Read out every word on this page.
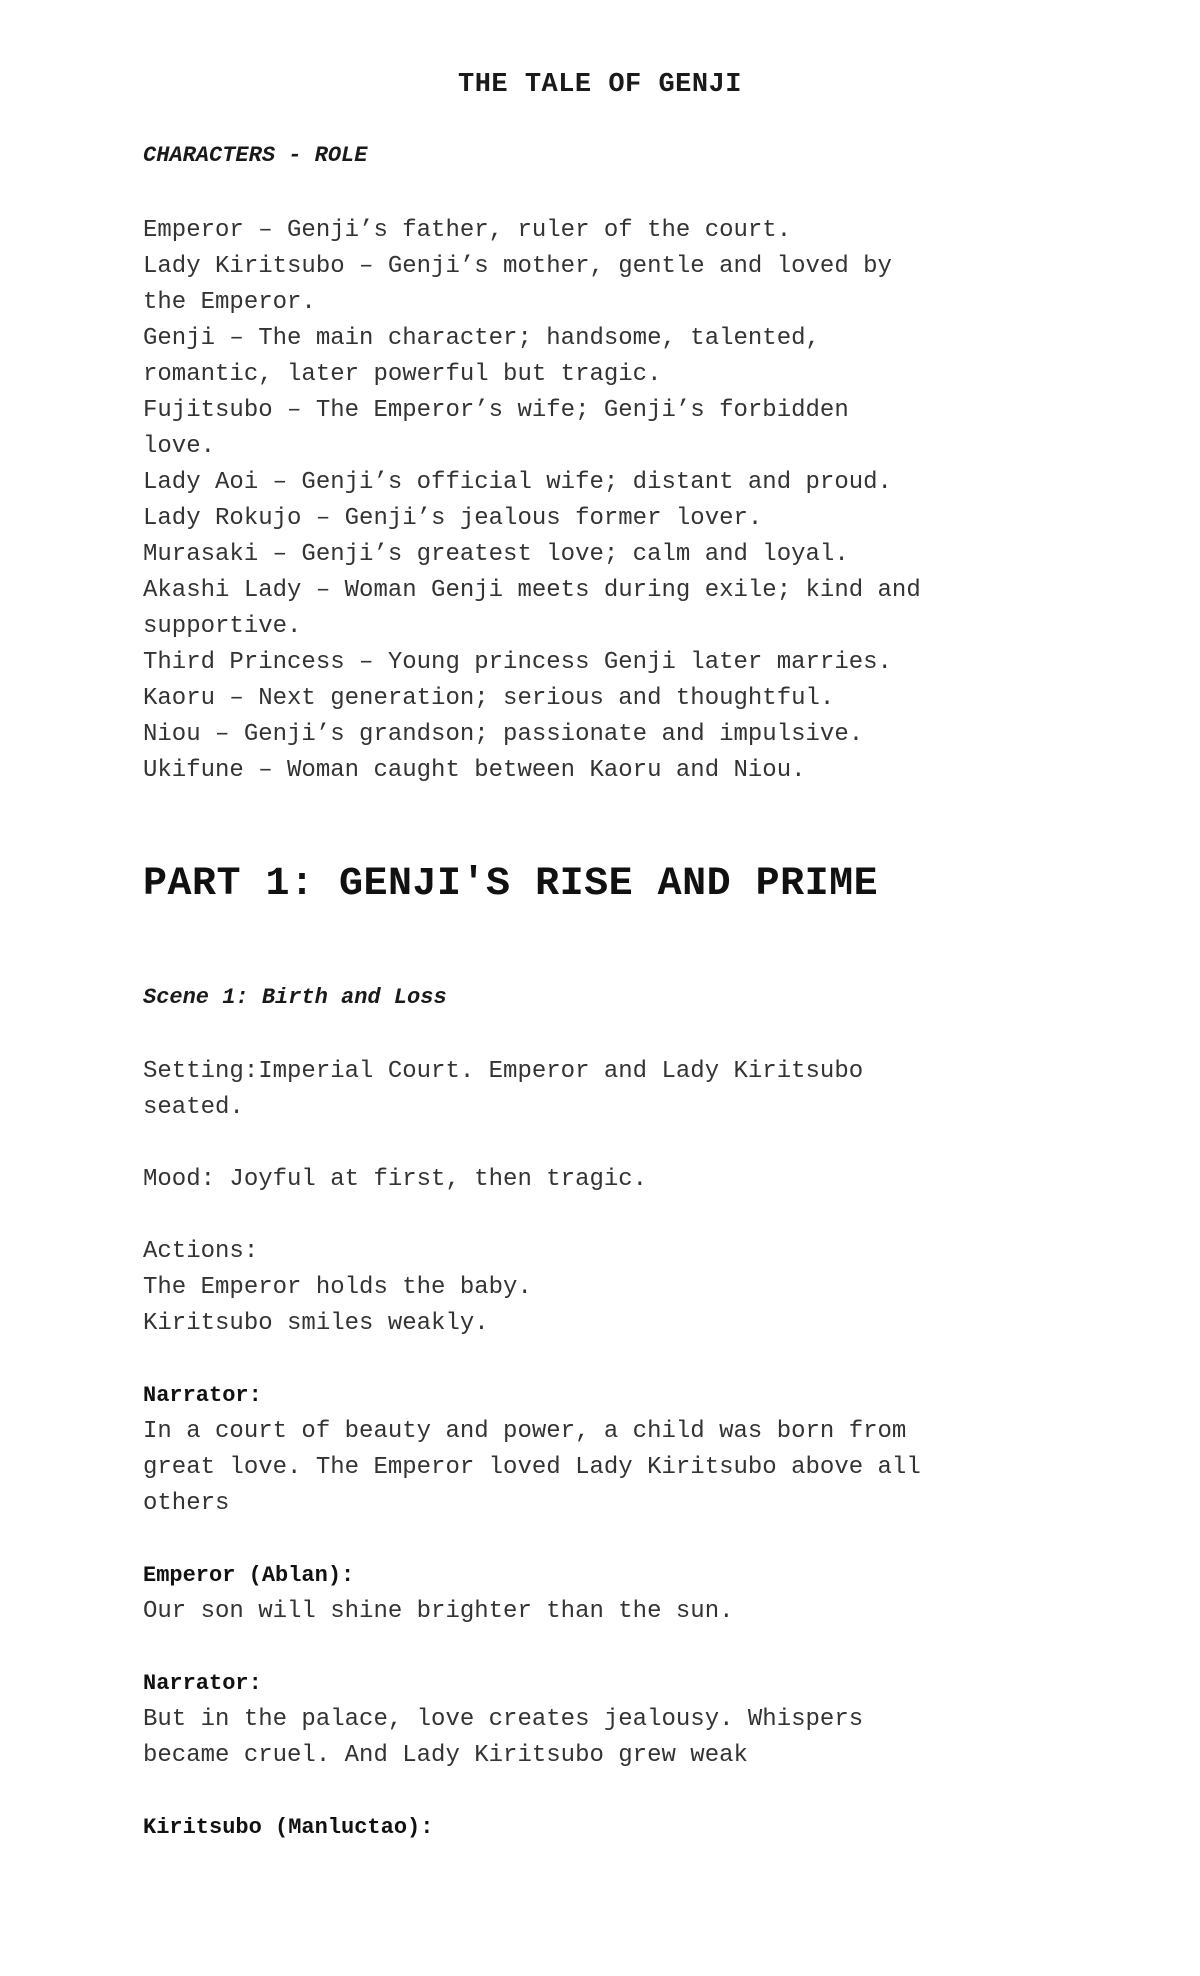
THE TALE OF GENJI
CHARACTERS - ROLE
Emperor – Genji’s father, ruler of the court.
Lady Kiritsubo – Genji’s mother, gentle and loved by
the Emperor.
Genji – The main character; handsome, talented,
romantic, later powerful but tragic.
Fujitsubo – The Emperor’s wife; Genji’s forbidden
love.
Lady Aoi – Genji’s official wife; distant and proud.
Lady Rokujo – Genji’s jealous former lover.
Murasaki – Genji’s greatest love; calm and loyal.
Akashi Lady – Woman Genji meets during exile; kind and
supportive.
Third Princess – Young princess Genji later marries.
Kaoru – Next generation; serious and thoughtful.
Niou – Genji’s grandson; passionate and impulsive.
Ukifune – Woman caught between Kaoru and Niou.
PART 1: GENJI'S RISE AND PRIME
Scene 1: Birth and Loss
Setting:Imperial Court. Emperor and Lady Kiritsubo
seated.
Mood: Joyful at first, then tragic.
Actions:
The Emperor holds the baby.
Kiritsubo smiles weakly.
Narrator:
In a court of beauty and power, a child was born from
great love. The Emperor loved Lady Kiritsubo above all
others
Emperor (Ablan):
Our son will shine brighter than the sun.
Narrator:
But in the palace, love creates jealousy. Whispers
became cruel. And Lady Kiritsubo grew weak
Kiritsubo (Manluctao):
